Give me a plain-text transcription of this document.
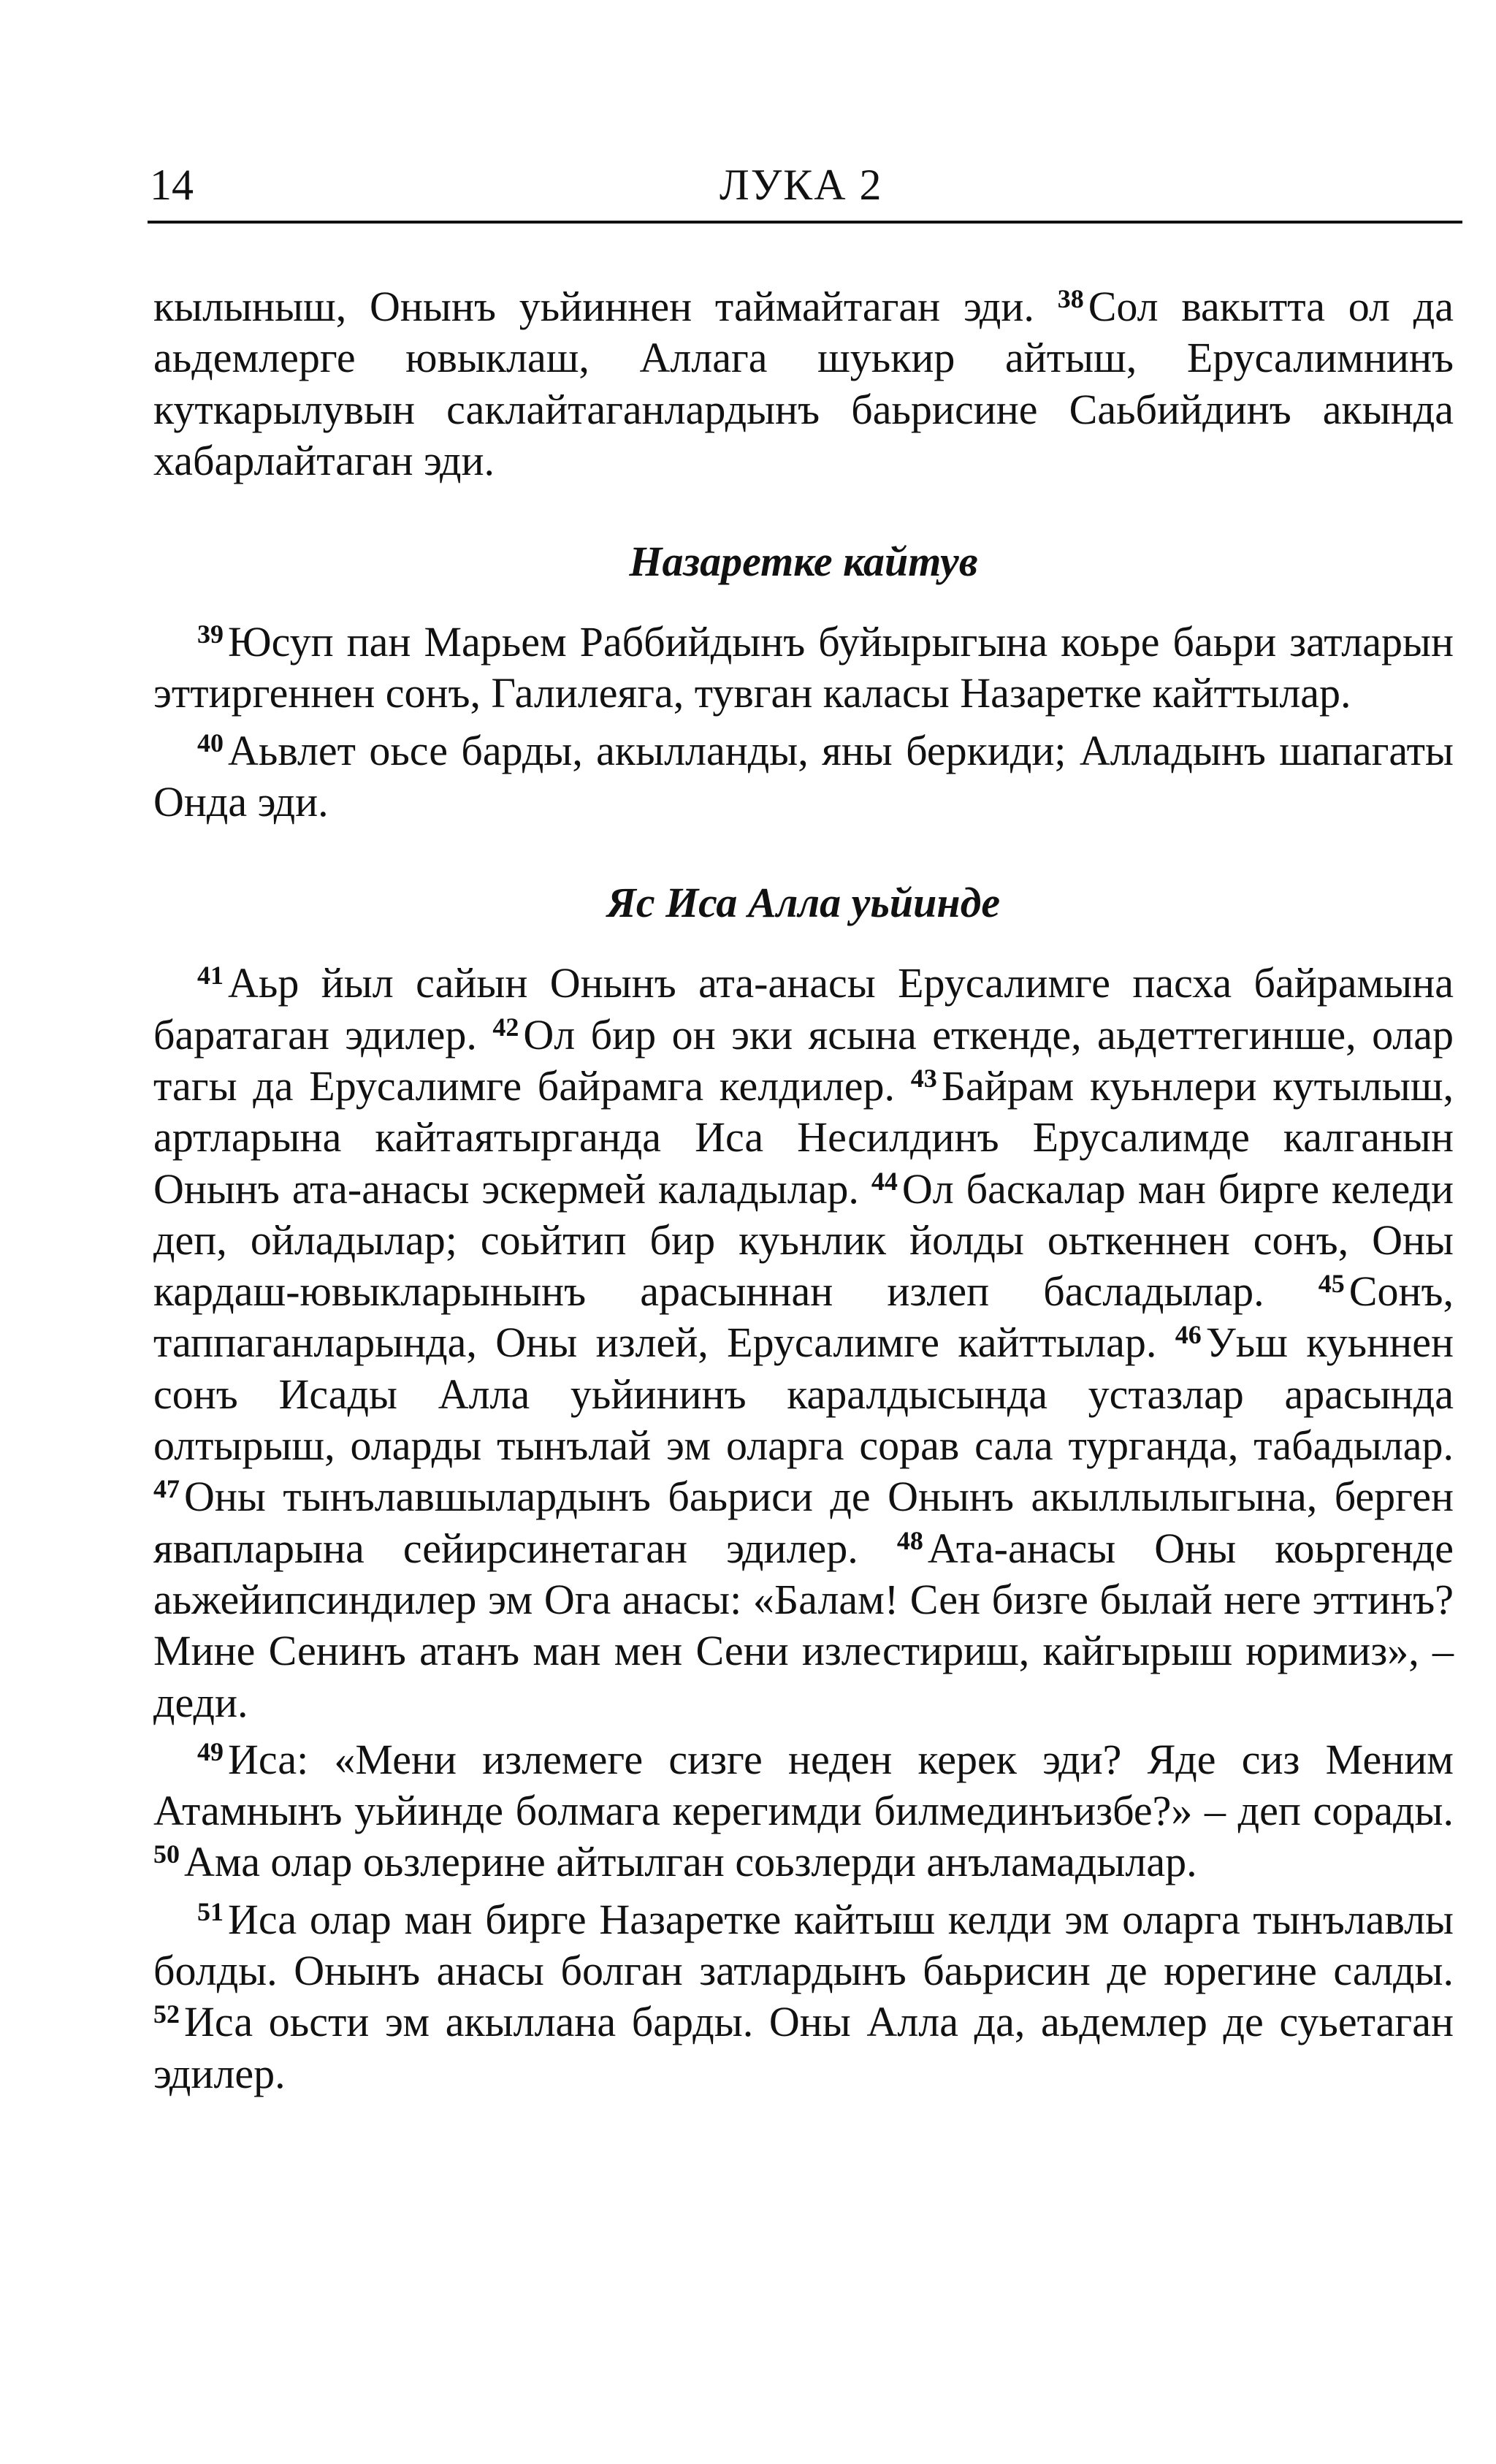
14	ЛУКА 2

кылыныш, Онынъ уьйиннен таймайтаган эди. $^{38}$ Сол вакытта ол да аьдемлерге ювыклаш, Аллага шуькир айтыш, Ерусалимнинъ куткарылувын саклайтаганлардынъ баьрисине Саьбийдинъ акында хабарлайтаган эди.

Назаретке кайтув

$^{39}$ Юсуп пан Марьем Раббийдынъ буйырыгына коьре баьри затларын эттиргеннен сонъ, Галилеяга, тувган каласы Назаретке кайттылар.

$^{40}$ Аьвлет оьсе барды, акылланды, яны беркиди; Алладынъ шапагаты Онда эди.

Яс Иса Алла уьйинде

$^{41}$ Аьр йыл сайын Онынъ ата-анасы Ерусалимге пасха байрамына баратаган эдилер. $^{42}$ Ол бир он эки ясына еткенде, аьдеттегинше, олар тагы да Ерусалимге байрамга келдилер. $^{43}$ Байрам куьнлери кутылыш, артларына кайтаятырганда Иса Несилдинъ Ерусалимде калганын Онынъ ата-анасы эскермей каладылар. $^{44}$ Ол баскалар ман бирге келеди деп, ойладылар; соьйтип бир куьнлик йолды оьткеннен сонъ, Оны кардаш-ювыкларынынъ арасыннан излеп басладылар. $^{45}$ Сонъ, таппаганларында, Оны излей, Ерусалимге кайттылар. $^{46}$ Уьш куьннен сонъ Исады Алла уьйининъ каралдысында устазлар арасында олтырыш, оларды тынълай эм оларга сорав сала турганда, табадылар. $^{47}$ Оны тынълавшылардынъ баьриси де Онынъ акыллылыгына, берген явапларына сейирсинетаган эдилер. $^{48}$ Ата-анасы Оны коьргенде аьжейипсиндилер эм Ога анасы: «Балам! Сен бизге былай неге эттинъ? Мине Сенинъ атанъ ман мен Сени излестириш, кайгырыш юримиз», – деди.

$^{49}$ Иса: «Мени излемеге сизге неден керек эди? Яде сиз Меним Атамнынъ уьйинде болмага керегимди билмединъизбе?» – деп сорады. $^{50}$ Ама олар оьзлерине айтылган соьзлерди анъламадылар.

$^{51}$ Иса олар ман бирге Назаретке кайтыш келди эм оларга тынълавлы болды. Онынъ анасы болган затлардынъ баьрисин де юрегине салды. $^{52}$ Иса оьсти эм акыллана барды. Оны Алла да, аьдемлер де суьетаган эдилер.
